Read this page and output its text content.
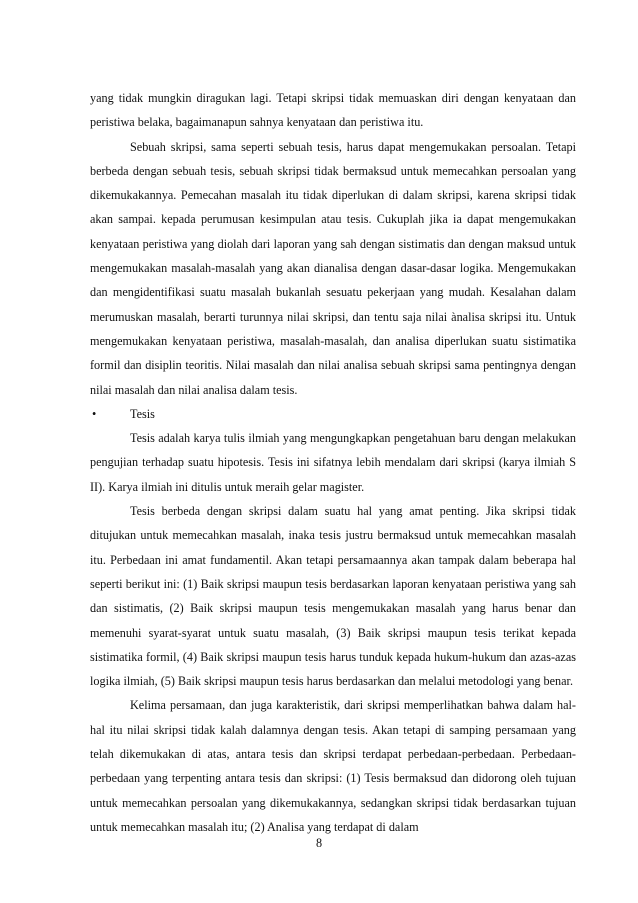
yang tidak mungkin diragukan lagi. Tetapi skripsi tidak memuaskan diri dengan kenyataan dan peristiwa belaka, bagaimanapun sahnya kenyataan dan peristiwa itu.

Sebuah skripsi, sama seperti sebuah tesis, harus dapat mengemukakan persoalan. Tetapi berbeda dengan sebuah tesis, sebuah skripsi tidak bermaksud untuk memecahkan persoalan yang dikemukakannya. Pemecahan masalah itu tidak diperlukan di dalam skripsi, karena skripsi tidak akan sampai. kepada perumusan kesimpulan atau tesis. Cukuplah jika ia dapat mengemukakan kenyataan peristiwa yang diolah dari laporan yang sah dengan sistimatis dan dengan maksud untuk mengemukakan masalah-masalah yang akan dianalisa dengan dasar-dasar logika. Mengemukakan dan mengidentifikasi suatu masalah bukanlah sesuatu pekerjaan yang mudah. Kesalahan dalam merumuskan masalah, berarti turunnya nilai skripsi, dan tentu saja nilai ànalisa skripsi itu. Untuk mengemukakan kenyataan peristiwa, masalah-masalah, dan analisa diperlukan suatu sistimatika formil dan disiplin teoritis. Nilai masalah dan nilai analisa sebuah skripsi sama pentingnya dengan nilai masalah dan nilai analisa dalam tesis.

•	Tesis

Tesis adalah karya tulis ilmiah yang mengungkapkan pengetahuan baru dengan melakukan pengujian terhadap suatu hipotesis. Tesis ini sifatnya lebih mendalam dari skripsi (karya ilmiah S II). Karya ilmiah ini ditulis untuk meraih gelar magister.

Tesis berbeda dengan skripsi dalam suatu hal yang amat penting. Jika skripsi tidak ditujukan untuk memecahkan masalah, inaka tesis justru bermaksud untuk memecahkan masalah itu. Perbedaan ini amat fundamentil. Akan tetapi persamaannya akan tampak dalam beberapa hal seperti berikut ini: (1) Baik skripsi maupun tesis berdasarkan laporan kenyataan peristiwa yang sah dan sistimatis, (2) Baik skripsi maupun tesis mengemukakan masalah yang harus benar dan memenuhi syarat-syarat untuk suatu masalah, (3) Baik skripsi maupun tesis terikat kepada sistimatika formil, (4) Baik skripsi maupun tesis harus tunduk kepada hukum-hukum dan azas-azas logika ilmiah, (5) Baik skripsi maupun tesis harus berdasarkan dan melalui metodologi yang benar.

Kelima persamaan, dan juga karakteristik, dari skripsi memperlihatkan bahwa dalam hal-hal itu nilai skripsi tidak kalah dalamnya dengan tesis. Akan tetapi di samping persamaan yang telah dikemukakan di atas, antara tesis dan skripsi terdapat perbedaan-perbedaan. Perbedaan-perbedaan yang terpenting antara tesis dan skripsi: (1) Tesis bermaksud dan didorong oleh tujuan untuk memecahkan persoalan yang dikemukakannya, sedangkan skripsi tidak berdasarkan tujuan untuk memecahkan masalah itu; (2) Analisa yang terdapat di dalam

8
